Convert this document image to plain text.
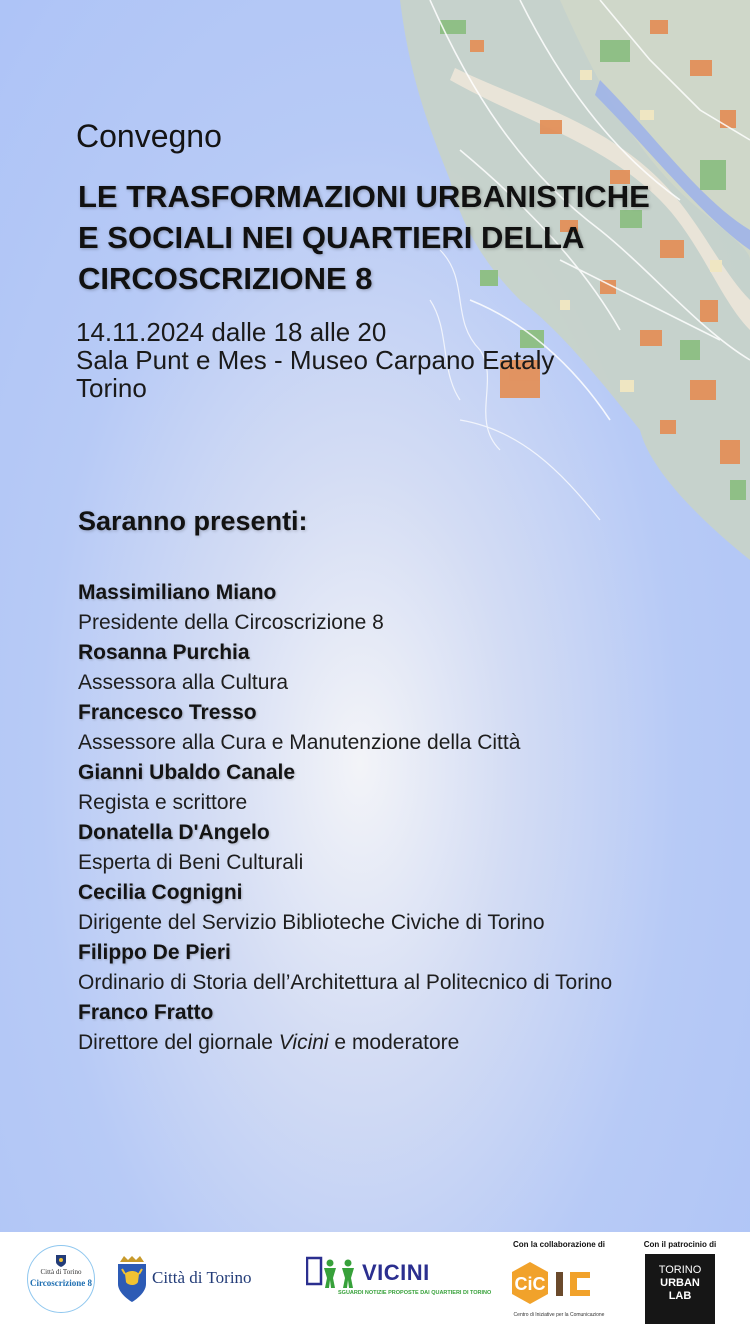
Convegno
LE TRASFORMAZIONI URBANISTICHE
E SOCIALI NEI QUARTIERI DELLA
CIRCOSCRIZIONE 8
14.11.2024 dalle 18 alle 20
Sala Punt e Mes - Museo Carpano Eataly
Torino
Saranno presenti:
Massimiliano Miano
Presidente della Circoscrizione 8
Rosanna Purchia
Assessora alla Cultura
Francesco Tresso
Assessore alla Cura e Manutenzione della Città
Gianni Ubaldo Canale
Regista e scrittore
Donatella D'Angelo
Esperta di Beni Culturali
Cecilia Cognigni
Dirigente del Servizio Biblioteche Civiche di Torino
Filippo De Pieri
Ordinario di Storia dell’Architettura al Politecnico di Torino
Franco Fratto
Direttore del giornale Vicini e moderatore
Città di Torino
Circoscrizione 8	Città di Torino	VICINI
SGUARDI NOTIZIE PROPOSTE DAI QUARTIERI DI TORINO
Con la collaborazione di
CiC
Centro di Iniziative per la Comunicazione
Con il patrocinio di
TORINO
URBAN
LAB
